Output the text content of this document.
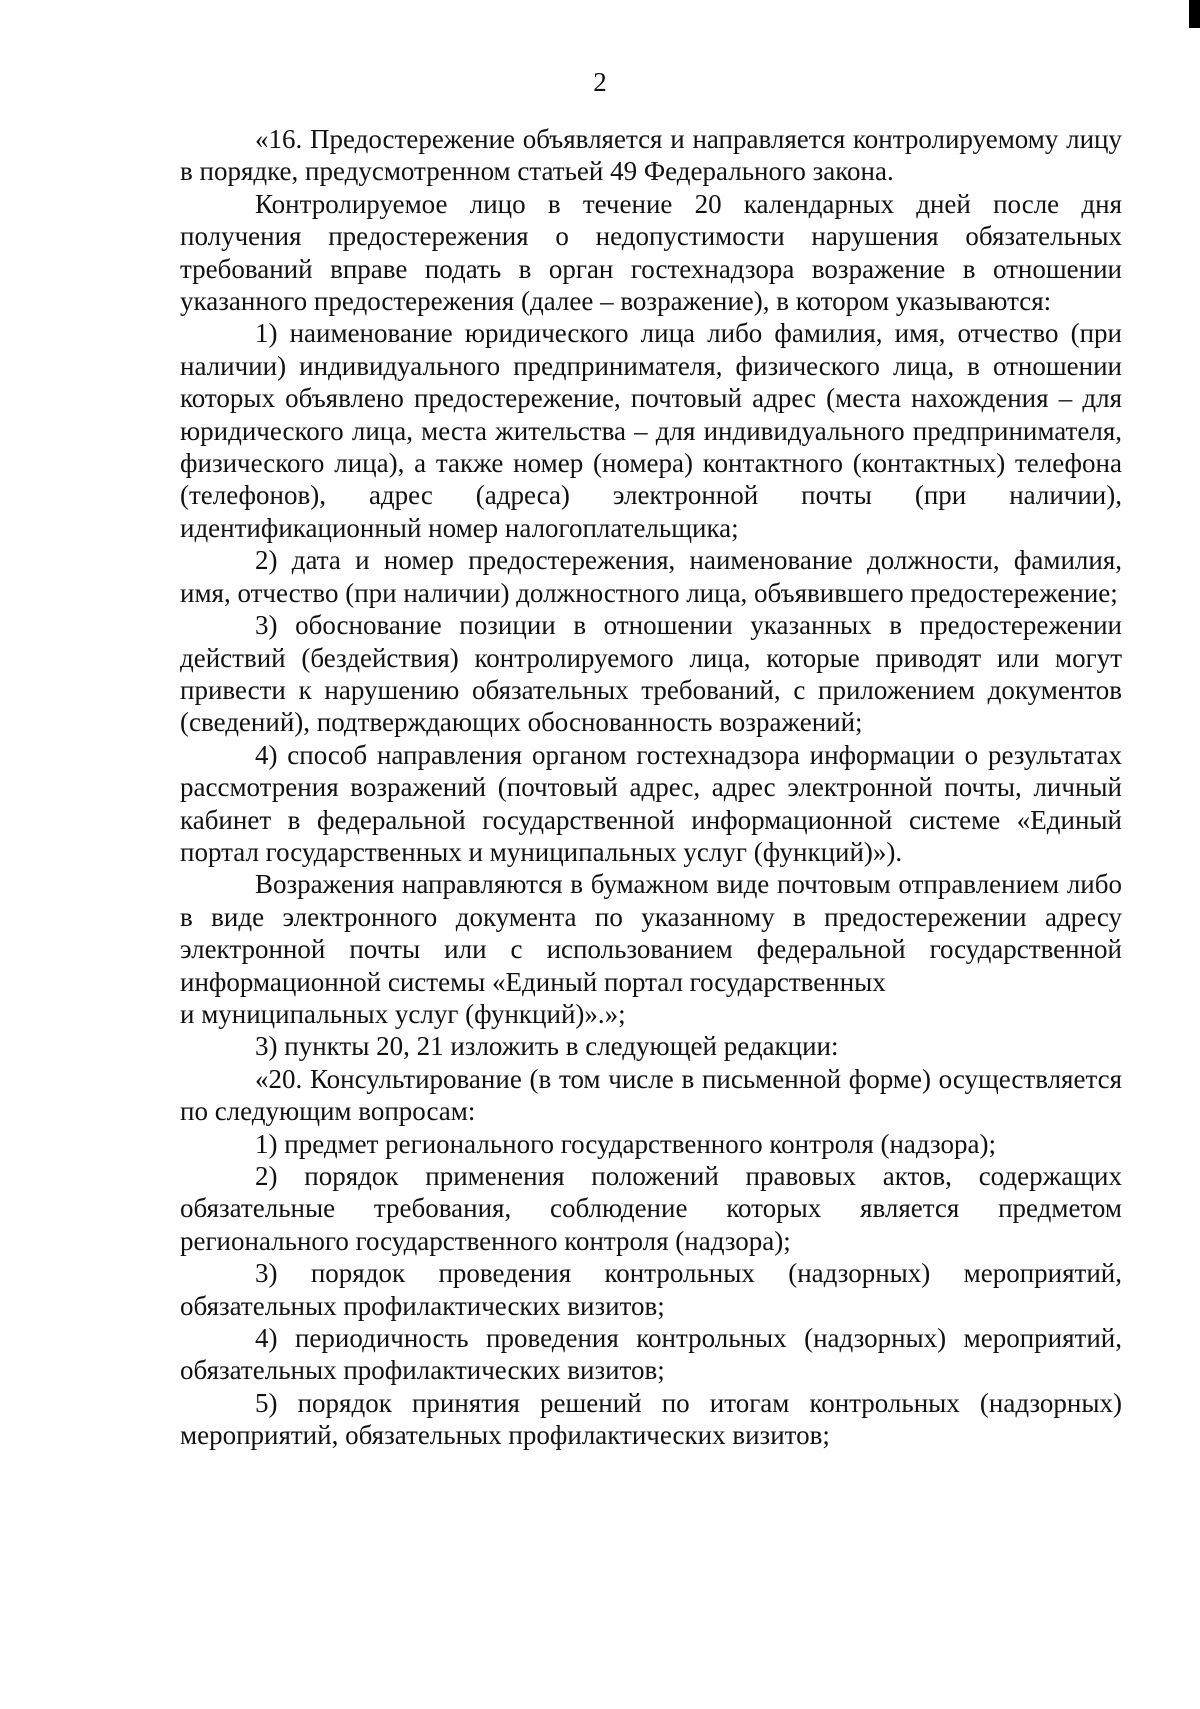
2

«16. Предостережение объявляется и направляется контролируемому лицу в порядке, предусмотренном статьей 49 Федерального закона.

Контролируемое лицо в течение 20 календарных дней после дня получения предостережения о недопустимости нарушения обязательных требований вправе подать в орган гостехнадзора возражение в отношении указанного предостережения (далее – возражение), в котором указываются:

1) наименование юридического лица либо фамилия, имя, отчество (при наличии) индивидуального предпринимателя, физического лица, в отношении которых объявлено предостережение, почтовый адрес (места нахождения – для юридического лица, места жительства – для индивидуального предпринимателя, физического лица), а также номер (номера) контактного (контактных) телефона (телефонов), адрес (адреса) электронной почты (при наличии), идентификационный номер налогоплательщика;

2) дата и номер предостережения, наименование должности, фамилия, имя, отчество (при наличии) должностного лица, объявившего предостережение;

3) обоснование позиции в отношении указанных в предостережении действий (бездействия) контролируемого лица, которые приводят или могут привести к нарушению обязательных требований, с приложением документов (сведений), подтверждающих обоснованность возражений;

4) способ направления органом гостехнадзора информации о результатах рассмотрения возражений (почтовый адрес, адрес электронной почты, личный кабинет в федеральной государственной информационной системе «Единый портал государственных и муниципальных услуг (функций)»).

Возражения направляются в бумажном виде почтовым отправлением либо в виде электронного документа по указанному в предостережении адресу электронной почты или с использованием федеральной государственной информационной системы «Единый портал государственных

и муниципальных услуг (функций)».»;

3) пункты 20, 21 изложить в следующей редакции:

«20. Консультирование (в том числе в письменной форме) осуществляется по следующим вопросам:

1) предмет регионального государственного контроля (надзора);

2) порядок применения положений правовых актов, содержащих обязательные требования, соблюдение которых является предметом регионального государственного контроля (надзора);

3) порядок проведения контрольных (надзорных) мероприятий, обязательных профилактических визитов;

4) периодичность проведения контрольных (надзорных) мероприятий, обязательных профилактических визитов;

5) порядок принятия решений по итогам контрольных (надзорных) мероприятий, обязательных профилактических визитов;
